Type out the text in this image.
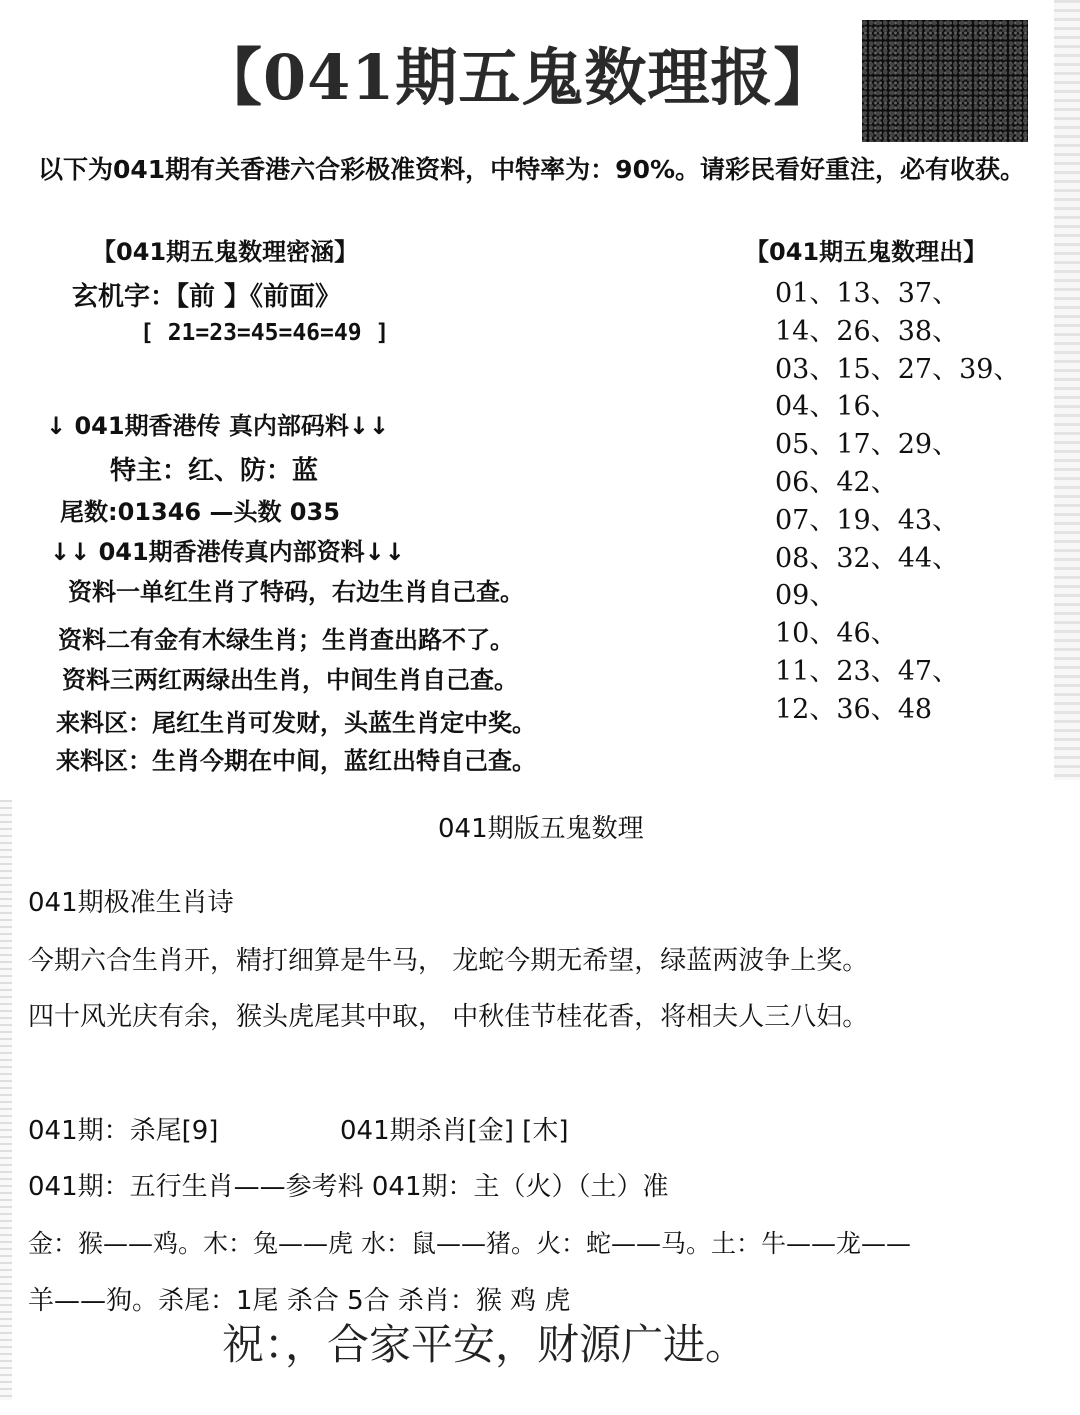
【041期五鬼数理报】
以下为041期有关香港六合彩极准资料，中特率为：90%。请彩民看好重注，必有收获。
【041期五鬼数理密涵】
玄机字：【前 】《前面》
[ 21=23=45=46=49 ]
↓ 041期香港传 真内部码料↓↓
特主：红、防：蓝
尾数:01346 —头数 035
↓↓ 041期香港传真内部资料↓↓
资料一单红生肖了特码，右边生肖自己查。
资料二有金有木绿生肖；生肖查出路不了。
资料三两红两绿出生肖，中间生肖自己查。
来料区：尾红生肖可发财，头蓝生肖定中奖。
来料区：生肖今期在中间，蓝红出特自己查。
【041期五鬼数理出】
01、13、37、
14、26、38、
03、15、27、39、
04、16、
05、17、29、
06、42、
07、19、43、
08、32、44、
09、
10、46、
11、23、47、
12、36、48
041期版五鬼数理
041期极准生肖诗
今期六合生肖开，精打细算是牛马， 龙蛇今期无希望，绿蓝两波争上奖。
四十风光庆有余，猴头虎尾其中取， 中秋佳节桂花香，将相夫人三八妇。
041期：杀尾[9]	041期杀肖[金] [木]
041期：五行生肖——参考料 041期：主（火）（土）准
金：猴——鸡。木：兔——虎 水：鼠——猪。火：蛇——马。土：牛——龙——
羊——狗。杀尾：1尾 杀合 5合 杀肖：猴 鸡 虎
祝：，合家平安，财源广进。
